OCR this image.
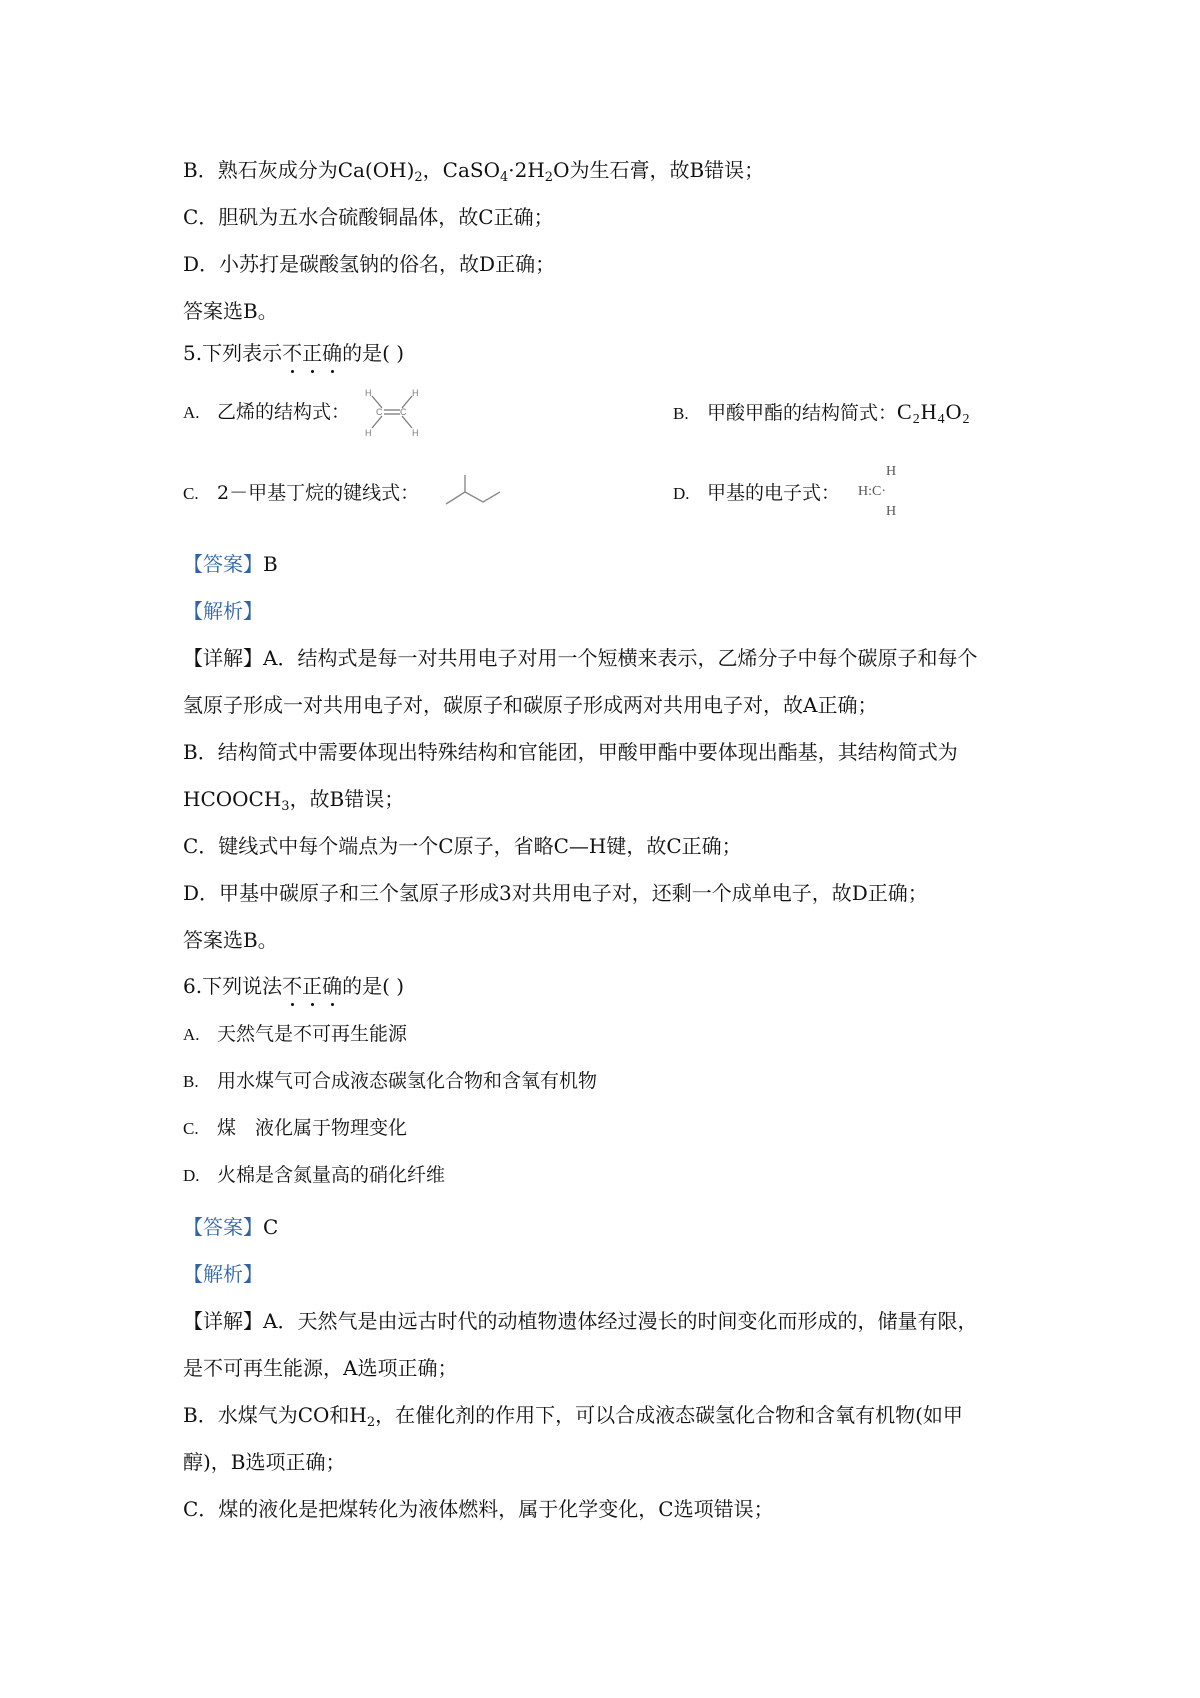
B．熟石灰成分为$Ca(OH)_2$，$CaSO_4\cdot 2H_2O$为生石膏，故B错误；
C．胆矾为五水合硫酸铜晶体，故C正确；
D．小苏打是碳酸氢钠的俗名，故D正确；
答案选B。
5.下列表示不正确的是( )
A. 乙烯的结构式：
H
H
H
H
C C	B. 甲酸甲酯的结构简式：$C_2H_4O_2$
C. 2－甲基丁烷的键线式：	D. 甲基的电子式：
H
H:C·
H
【答案】B
【解析】
【详解】A．结构式是每一对共用电子对用一个短横来表示，乙烯分子中每个碳原子和每个
氢原子形成一对共用电子对，碳原子和碳原子形成两对共用电子对，故A正确；
B．结构简式中需要体现出特殊结构和官能团，甲酸甲酯中要体现出酯基，其结构简式为
$HCOOCH_3$，故B错误；
C．键线式中每个端点为一个C原子，省略C—H键，故C正确；
D．甲基中碳原子和三个氢原子形成3对共用电子对，还剩一个成单电子，故D正确；
答案选B。
6.下列说法不正确的是( )
A. 天然气是不可再生能源
B. 用水煤气可合成液态碳氢化合物和含氧有机物
C. 煤　液化属于物理变化
D. 火棉是含氮量高的硝化纤维
【答案】C
【解析】
【详解】A．天然气是由远古时代的动植物遗体经过漫长的时间变化而形成的，储量有限，
是不可再生能源，A选项正确；
B．水煤气为CO和$H_2$，在催化剂的作用下，可以合成液态碳氢化合物和含氧有机物(如甲
醇)，B选项正确；
C．煤的液化是把煤转化为液体燃料，属于化学变化，C选项错误；
